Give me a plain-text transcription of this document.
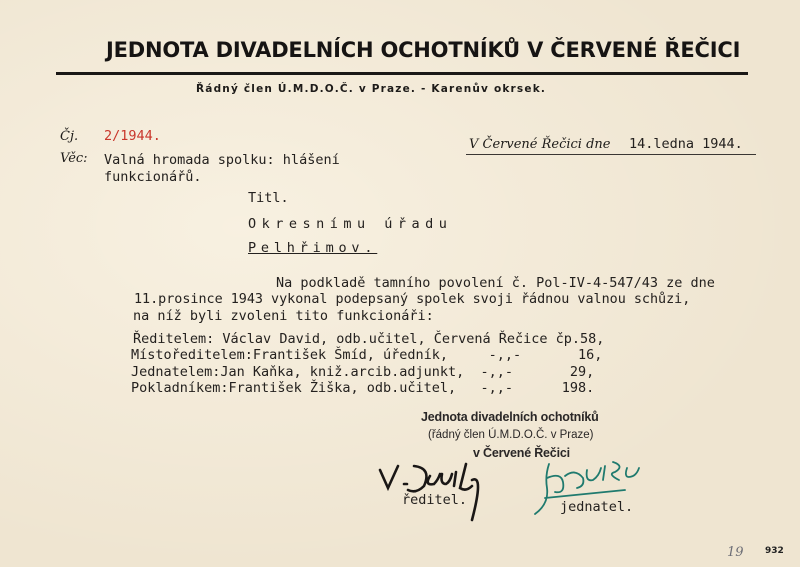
JEDNOTA DIVADELNÍCH OCHOTNÍKŮ V ČERVENÉ ŘEČICI
Řádný člen Ú.M.D.O.Č. v Praze. - Karenův okrsek.
Čj. 2/1944.
Věc: Valná hromada spolku: hlášení
funkcionářů.
V Červené Řečici dne 14.ledna 1944.
Titl.
Okresnímu úřadu
Pelhřimov.
Na podkladě tamního povolení č. Pol-IV-4-547/43 ze dne
11.prosince 1943 vykonal podepsaný spolek svoji řádnou valnou schůzi,
na níž byli zvoleni tito funkcionáři:
Ředitelem: Václav David, odb.učitel, Červená Řečice čp.58,
Místoředitelem:František Šmíd, úředník,     -,,-       16,
Jednatelem:Jan Kaňka, kniž.arcib.adjunkt,  -,,-       29,
Pokladníkem:František Žiška, odb.učitel,   -,,-      198.
Jednota divadelních ochotníků
(řádný člen Ú.M.D.O.Č. v Praze)
v Červené Řečici
ředitel.	jednatel.
19 932
